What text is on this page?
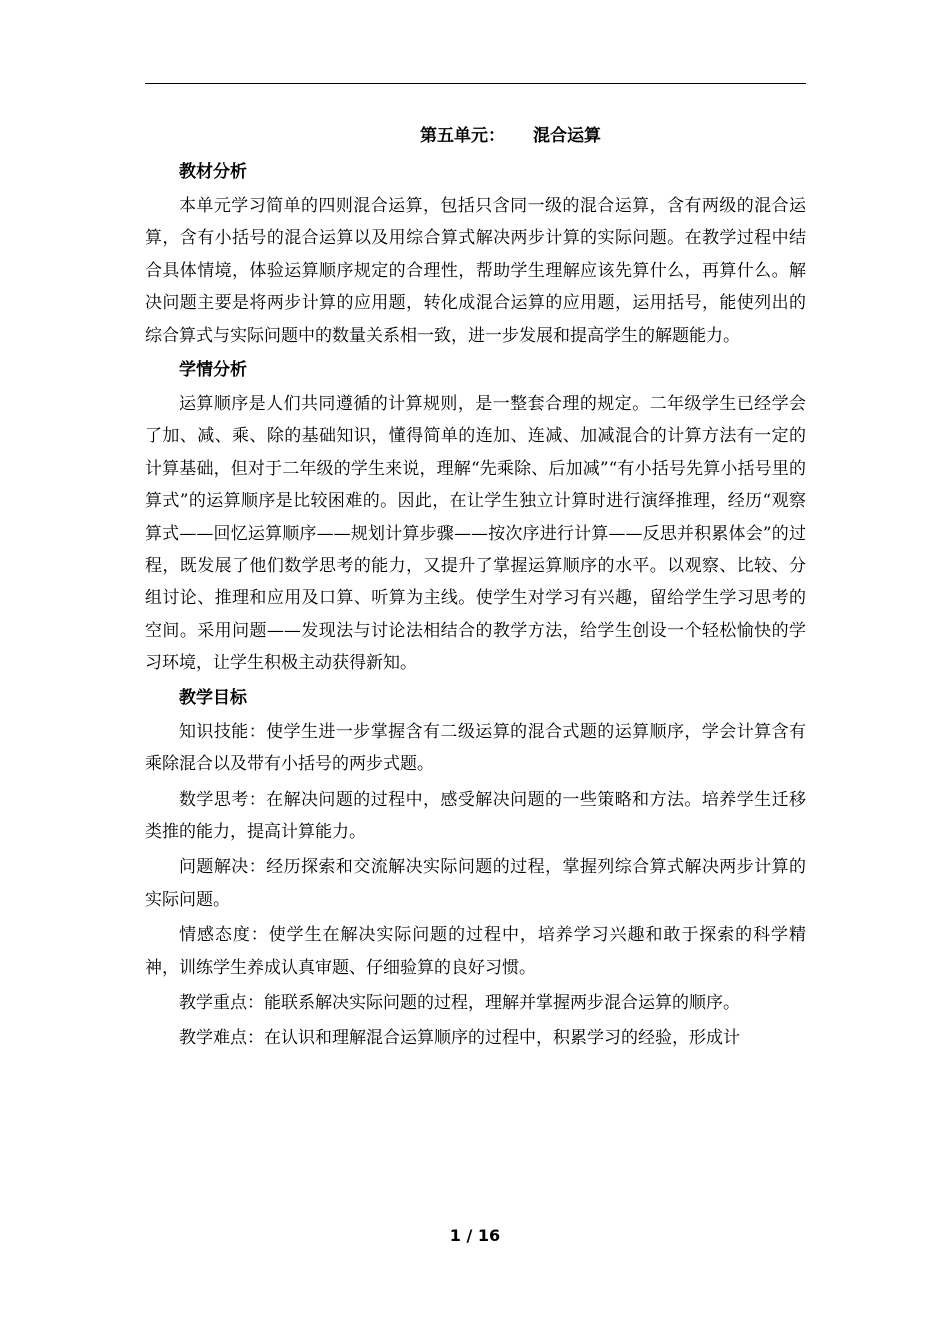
第五单元： 混合运算
教材分析

本单元学习简单的四则混合运算，包括只含同一级的混合运算，含有两级的混合运算，含有小括号的混合运算以及用综合算式解决两步计算的实际问题。在教学过程中结合具体情境，体验运算顺序规定的合理性，帮助学生理解应该先算什么，再算什么。解决问题主要是将两步计算的应用题，转化成混合运算的应用题，运用括号，能使列出的综合算式与实际问题中的数量关系相一致，进一步发展和提高学生的解题能力。

学情分析

运算顺序是人们共同遵循的计算规则，是一整套合理的规定。二年级学生已经学会了加、减、乘、除的基础知识，懂得简单的连加、连减、加减混合的计算方法有一定的计算基础，但对于二年级的学生来说，理解“先乘除、后加减”“有小括号先算小括号里的算式”的运算顺序是比较困难的。因此，在让学生独立计算时进行演绎推理，经历“观察算式——回忆运算顺序——规划计算步骤——按次序进行计算——反思并积累体会”的过程，既发展了他们数学思考的能力，又提升了掌握运算顺序的水平。以观察、比较、分组讨论、推理和应用及口算、听算为主线。使学生对学习有兴趣，留给学生学习思考的空间。采用问题——发现法与讨论法相结合的教学方法，给学生创设一个轻松愉快的学习环境，让学生积极主动获得新知。

教学目标

知识技能：使学生进一步掌握含有二级运算的混合式题的运算顺序，学会计算含有乘除混合以及带有小括号的两步式题。

数学思考：在解决问题的过程中，感受解决问题的一些策略和方法。培养学生迁移类推的能力，提高计算能力。

问题解决：经历探索和交流解决实际问题的过程，掌握列综合算式解决两步计算的实际问题。

情感态度：使学生在解决实际问题的过程中，培养学习兴趣和敢于探索的科学精神，训练学生养成认真审题、仔细验算的良好习惯。

教学重点：能联系解决实际问题的过程，理解并掌握两步混合运算的顺序。

教学难点：在认识和理解混合运算顺序的过程中，积累学习的经验，形成计

1 / 16
